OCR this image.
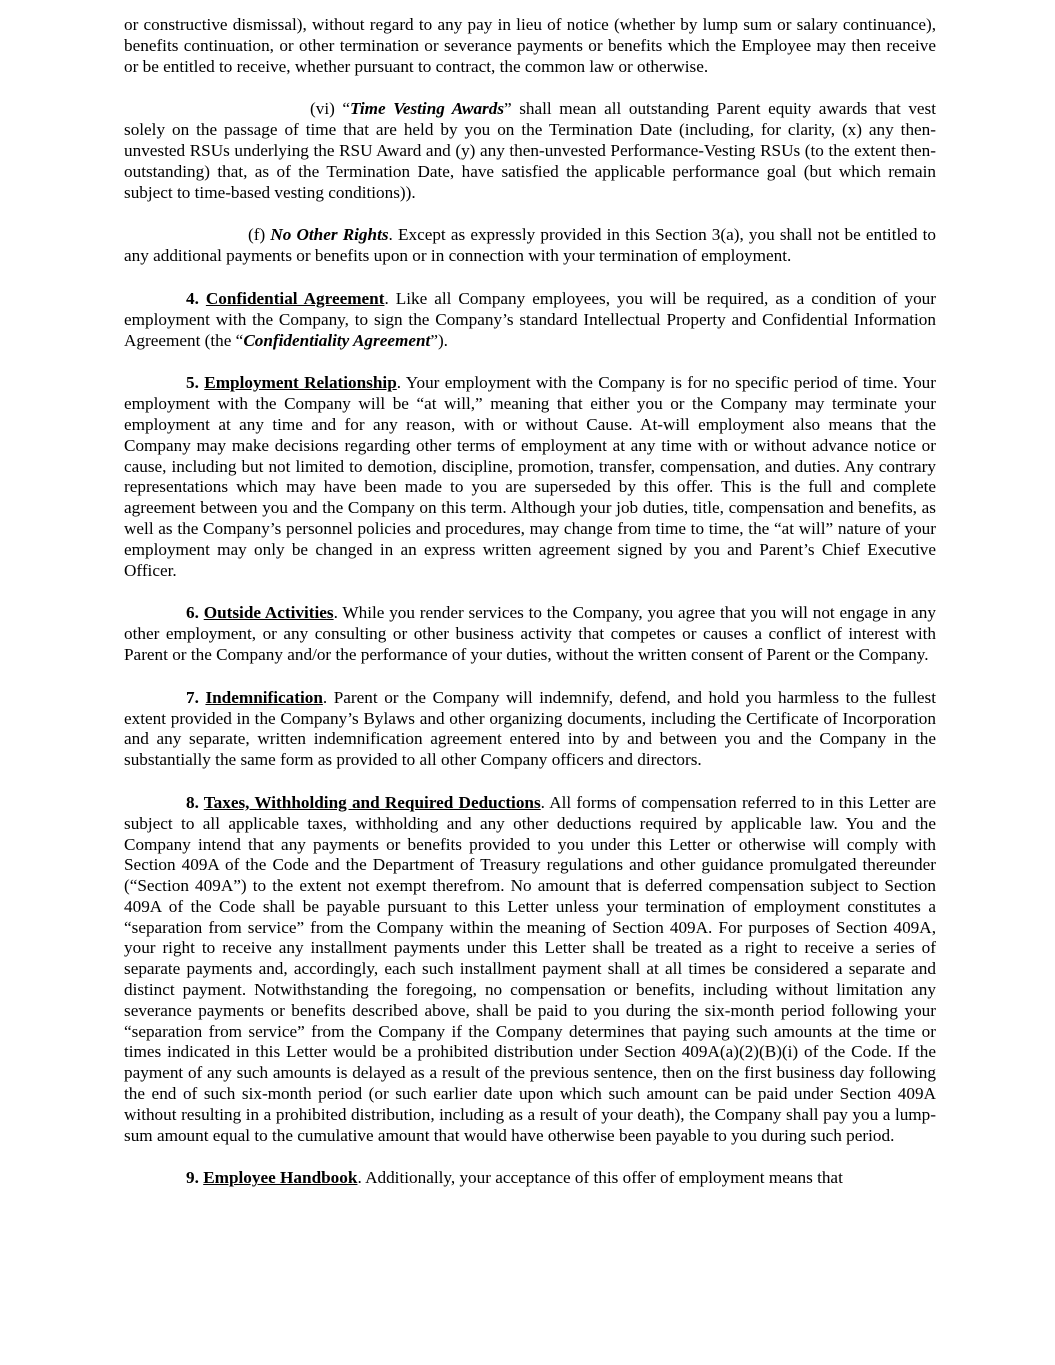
or constructive dismissal), without regard to any pay in lieu of notice (whether by lump sum or salary continuance), benefits continuation, or other termination or severance payments or benefits which the Employee may then receive or be entitled to receive, whether pursuant to contract, the common law or otherwise.

(vi) “Time Vesting Awards” shall mean all outstanding Parent equity awards that vest solely on the passage of time that are held by you on the Termination Date (including, for clarity, (x) any then-unvested RSUs underlying the RSU Award and (y) any then-unvested Performance-Vesting RSUs (to the extent then-outstanding) that, as of the Termination Date, have satisfied the applicable performance goal (but which remain subject to time-based vesting conditions)).

(f) No Other Rights. Except as expressly provided in this Section 3(a), you shall not be entitled to any additional payments or benefits upon or in connection with your termination of employment.

4. Confidential Agreement. Like all Company employees, you will be required, as a condition of your employment with the Company, to sign the Company’s standard Intellectual Property and Confidential Information Agreement (the “Confidentiality Agreement”).

5. Employment Relationship. Your employment with the Company is for no specific period of time. Your employment with the Company will be “at will,” meaning that either you or the Company may terminate your employment at any time and for any reason, with or without Cause. At-will employment also means that the Company may make decisions regarding other terms of employment at any time with or without advance notice or cause, including but not limited to demotion, discipline, promotion, transfer, compensation, and duties. Any contrary representations which may have been made to you are superseded by this offer. This is the full and complete agreement between you and the Company on this term. Although your job duties, title, compensation and benefits, as well as the Company’s personnel policies and procedures, may change from time to time, the “at will” nature of your employment may only be changed in an express written agreement signed by you and Parent’s Chief Executive Officer.

6. Outside Activities. While you render services to the Company, you agree that you will not engage in any other employment, or any consulting or other business activity that competes or causes a conflict of interest with Parent or the Company and/or the performance of your duties, without the written consent of Parent or the Company.

7. Indemnification. Parent or the Company will indemnify, defend, and hold you harmless to the fullest extent provided in the Company’s Bylaws and other organizing documents, including the Certificate of Incorporation and any separate, written indemnification agreement entered into by and between you and the Company in the substantially the same form as provided to all other Company officers and directors.

8. Taxes, Withholding and Required Deductions. All forms of compensation referred to in this Letter are subject to all applicable taxes, withholding and any other deductions required by applicable law. You and the Company intend that any payments or benefits provided to you under this Letter or otherwise will comply with Section 409A of the Code and the Department of Treasury regulations and other guidance promulgated thereunder (“Section 409A”) to the extent not exempt therefrom. No amount that is deferred compensation subject to Section 409A of the Code shall be payable pursuant to this Letter unless your termination of employment constitutes a “separation from service” from the Company within the meaning of Section 409A. For purposes of Section 409A, your right to receive any installment payments under this Letter shall be treated as a right to receive a series of separate payments and, accordingly, each such installment payment shall at all times be considered a separate and distinct payment. Notwithstanding the foregoing, no compensation or benefits, including without limitation any severance payments or benefits described above, shall be paid to you during the six-month period following your “separation from service” from the Company if the Company determines that paying such amounts at the time or times indicated in this Letter would be a prohibited distribution under Section 409A(a)(2)(B)(i) of the Code. If the payment of any such amounts is delayed as a result of the previous sentence, then on the first business day following the end of such six-month period (or such earlier date upon which such amount can be paid under Section 409A without resulting in a prohibited distribution, including as a result of your death), the Company shall pay you a lump-sum amount equal to the cumulative amount that would have otherwise been payable to you during such period.

9. Employee Handbook. Additionally, your acceptance of this offer of employment means that
